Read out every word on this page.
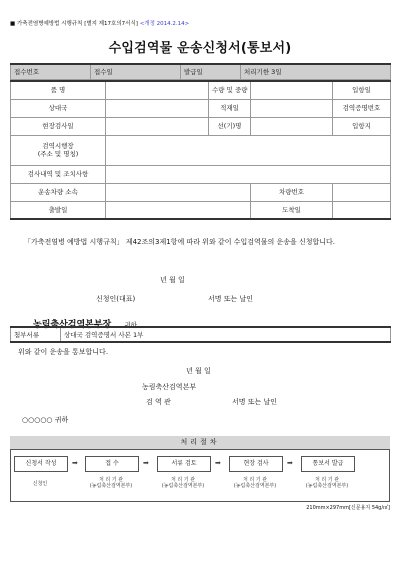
■ 가축전염병예방법 시행규칙 [별지 제17호의7서식] <개정 2014.2.14>
수입검역물 운송신청서(통보서)
접수번호	접수일	발급일	처리기한 3일
품 명		수량 및 중량		입항일
상대국		적재일		검역증명번호
현장검사일		선(기)명		입항지
검역시행장
(주소 및 명칭)				
검사내역 및 조치사항				
운송차량 소속			차량번호	
출발일			도착일	
「가축전염병 예방법 시행규칙」 제42조의3제1항에 따라 위와 같이 수입검역물의 운송을 신청합니다.
년 월 일
신청인(대표)	서명 또는 날인
농림축산검역본부장 귀하
첨부서류	상대국 검역증명서 사본 1부
위와 같이 운송을 통보합니다.
년 월 일
농림축산검역본부
검 역 관	서명 또는 날인
○○○○○ 귀하
처리절차
신청서 작성	➡	접 수	➡	서류 검토	➡	현장 검사	➡	통보서 발급
신청인
처 리 기 관
(농림축산검역본부)
처 리 기 관
(농림축산검역본부)
처 리 기 관
(농림축산검역본부)
처 리 기 관
(농림축산검역본부)
210mm×297mm[신문용지 54g/㎡]
